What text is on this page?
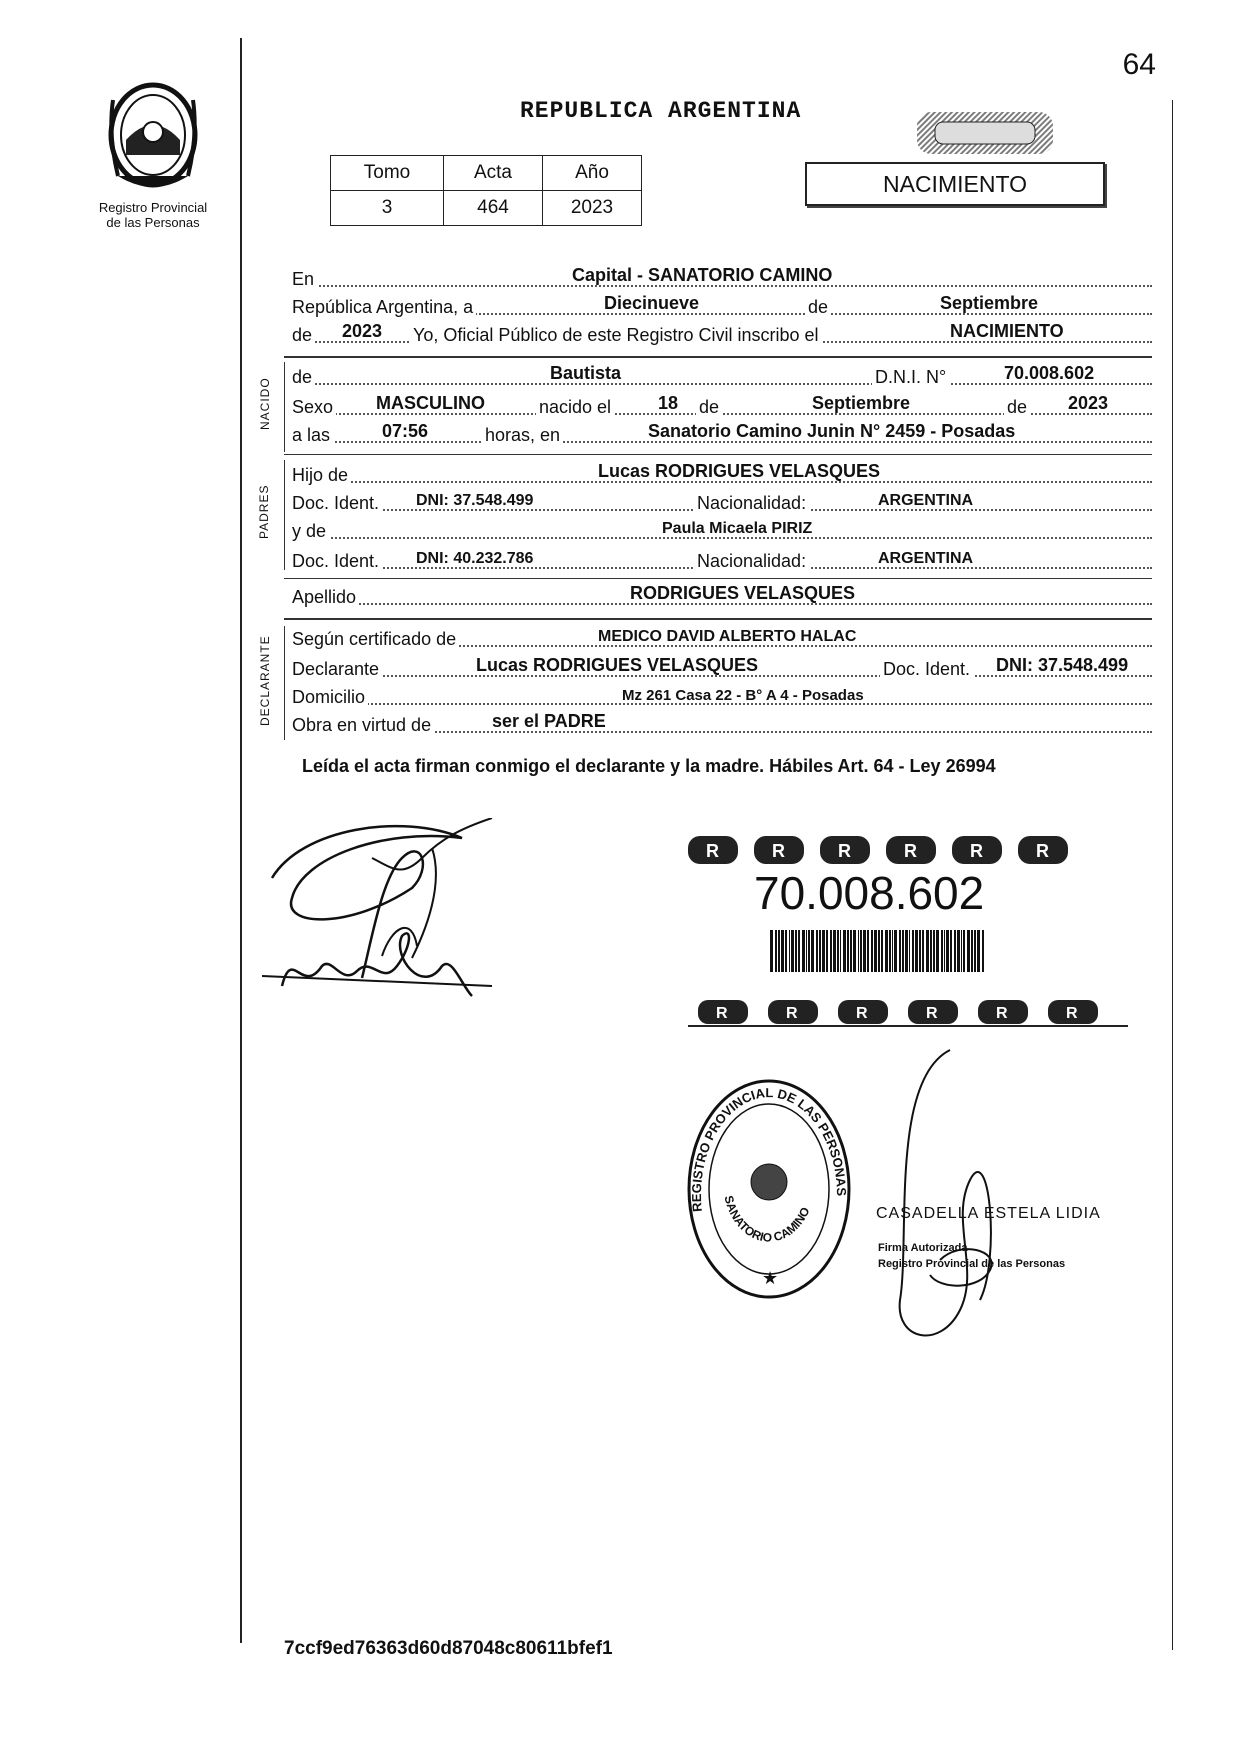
Registro Provincial
de las Personas
64
REPUBLICA ARGENTINA
Tomo	Acta	Año
3	464	2023
NACIMIENTO
En	Capital - SANATORIO CAMINO
República Argentina, a	Diecinueve	de	Septiembre
de 2023 Yo, Oficial Público de este Registro Civil inscribo el	NACIMIENTO
NACIDO
de	Bautista	D.N.I. N°	70.008.602
Sexo MASCULINO	nacido el	18 de	Septiembre	de 2023
a las	07:56	horas, en	Sanatorio Camino Junin N° 2459 - Posadas
PADRES
Hijo de	Lucas RODRIGUES VELASQUES
Doc. Ident. DNI: 37.548.499	Nacionalidad:	ARGENTINA
y de	Paula Micaela PIRIZ
Doc. Ident. DNI: 40.232.786	Nacionalidad:	ARGENTINA
Apellido	RODRIGUES VELASQUES
DECLARANTE Según certificado de	MEDICO DAVID ALBERTO HALAC
Declarante	Lucas RODRIGUES VELASQUES	Doc. Ident. DNI: 37.548.499
Domicilio	Mz 261 Casa 22 - B° A 4 - Posadas
Obra en virtud de	ser el PADRE
Leída el acta firman conmigo el declarante y la madre. Hábiles Art. 64 - Ley 26994
R	R	R	R	R	R
70.008.602
R	R	R	R	R	R
REGISTRO PROVINCIAL DE LAS PERSONAS
SANATORIO CAMINO
★
CASADELLA ESTELA LIDIA
Firma Autorizada
Registro Provincial de las Personas
7ccf9ed76363d60d87048c80611bfef1
